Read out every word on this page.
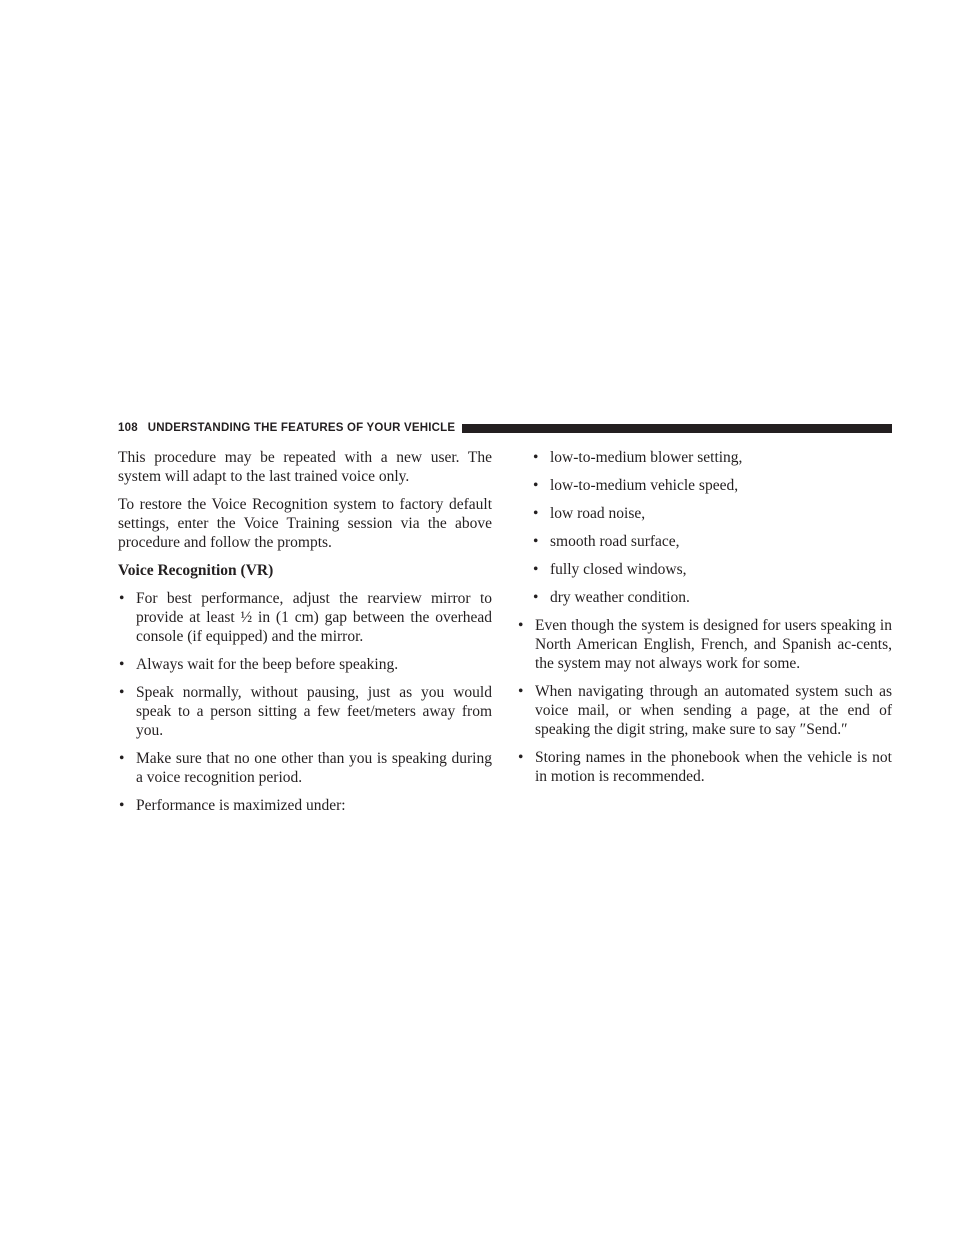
108 UNDERSTANDING THE FEATURES OF YOUR VEHICLE

This procedure may be repeated with a new user. The system will adapt to the last trained voice only.

To restore the Voice Recognition system to factory default settings, enter the Voice Training session via the above procedure and follow the prompts.

Voice Recognition (VR)
• For best performance, adjust the rearview mirror to provide at least ½ in (1 cm) gap between the overhead console (if equipped) and the mirror.
• Always wait for the beep before speaking.
• Speak normally, without pausing, just as you would speak to a person sitting a few feet/meters away from you.
• Make sure that no one other than you is speaking during a voice recognition period.
• Performance is maximized under:
• low-to-medium blower setting,
• low-to-medium vehicle speed,
• low road noise,
• smooth road surface,
• fully closed windows,
• dry weather condition.
• Even though the system is designed for users speaking in North American English, French, and Spanish ac-cents, the system may not always work for some.
• When navigating through an automated system such as voice mail, or when sending a page, at the end of speaking the digit string, make sure to say ″Send.″
• Storing names in the phonebook when the vehicle is not in motion is recommended.
